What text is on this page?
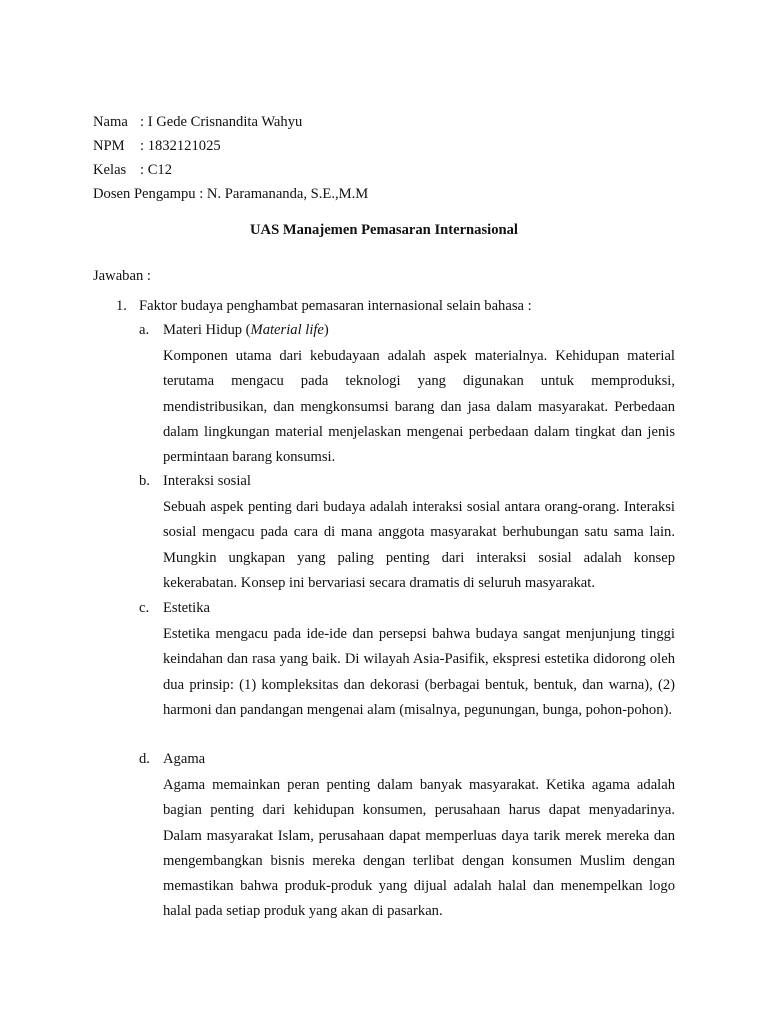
Nama : I Gede Crisnandita Wahyu
NPM : 1832121025
Kelas : C12
Dosen Pengampu : N. Paramananda, S.E.,M.M
UAS Manajemen Pemasaran Internasional
Jawaban :
1. Faktor budaya penghambat pemasaran internasional selain bahasa :
a. Materi Hidup (Material life)

Komponen utama dari kebudayaan adalah aspek materialnya. Kehidupan material terutama mengacu pada teknologi yang digunakan untuk memproduksi, mendistribusikan, dan mengkonsumsi barang dan jasa dalam masyarakat. Perbedaan dalam lingkungan material menjelaskan mengenai perbedaan dalam tingkat dan jenis permintaan barang konsumsi.

b. Interaksi sosial

Sebuah aspek penting dari budaya adalah interaksi sosial antara orang-orang. Interaksi sosial mengacu pada cara di mana anggota masyarakat berhubungan satu sama lain. Mungkin ungkapan yang paling penting dari interaksi sosial adalah konsep kekerabatan. Konsep ini bervariasi secara dramatis di seluruh masyarakat.

c. Estetika

Estetika mengacu pada ide-ide dan persepsi bahwa budaya sangat menjunjung tinggi keindahan dan rasa yang baik. Di wilayah Asia-Pasifik, ekspresi estetika didorong oleh dua prinsip: (1) kompleksitas dan dekorasi (berbagai bentuk, bentuk, dan warna), (2) harmoni dan pandangan mengenai alam (misalnya, pegunungan, bunga, pohon-pohon).

d. Agama

Agama memainkan peran penting dalam banyak masyarakat. Ketika agama adalah bagian penting dari kehidupan konsumen, perusahaan harus dapat menyadarinya. Dalam masyarakat Islam, perusahaan dapat memperluas daya tarik merek mereka dan mengembangkan bisnis mereka dengan terlibat dengan konsumen Muslim dengan memastikan bahwa produk-produk yang dijual adalah halal dan menempelkan logo halal pada setiap produk yang akan di pasarkan.
